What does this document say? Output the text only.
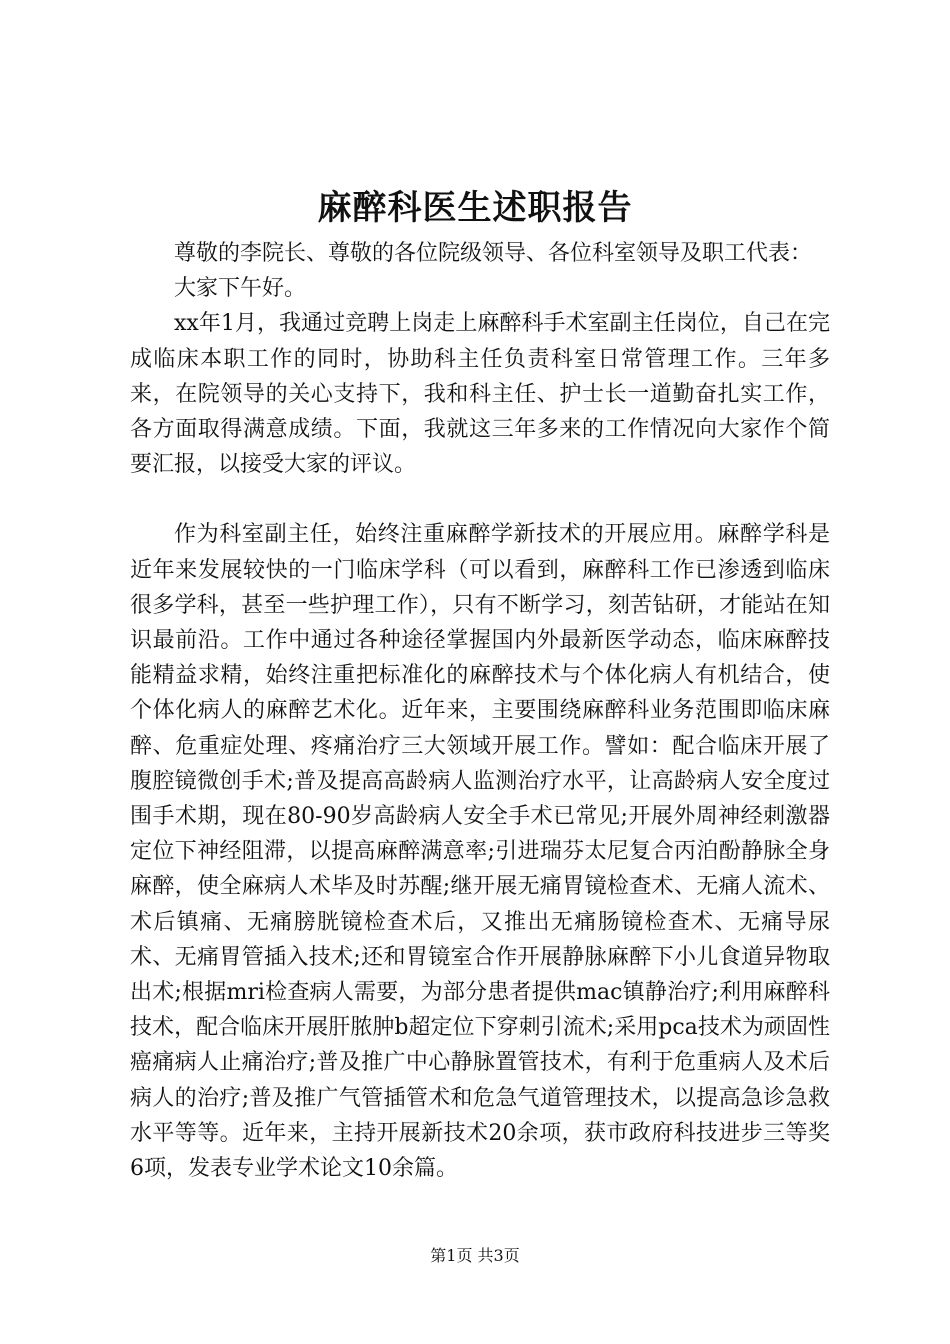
麻醉科医生述职报告

尊敬的李院长、尊敬的各位院级领导、各位科室领导及职工代表：

大家下午好。

xx年1月，我通过竞聘上岗走上麻醉科手术室副主任岗位，自己在完成临床本职工作的同时，协助科主任负责科室日常管理工作。三年多来，在院领导的关心支持下，我和科主任、护士长一道勤奋扎实工作，各方面取得满意成绩。下面，我就这三年多来的工作情况向大家作个简要汇报，以接受大家的评议。

作为科室副主任，始终注重麻醉学新技术的开展应用。麻醉学科是近年来发展较快的一门临床学科（可以看到，麻醉科工作已渗透到临床很多学科，甚至一些护理工作），只有不断学习，刻苦钻研，才能站在知识最前沿。工作中通过各种途径掌握国内外最新医学动态，临床麻醉技能精益求精，始终注重把标准化的麻醉技术与个体化病人有机结合，使个体化病人的麻醉艺术化。近年来，主要围绕麻醉科业务范围即临床麻醉、危重症处理、疼痛治疗三大领域开展工作。譬如：配合临床开展了腹腔镜微创手术;普及提高高龄病人监测治疗水平，让高龄病人安全度过围手术期，现在80-90岁高龄病人安全手术已常见;开展外周神经刺激器定位下神经阻滞，以提高麻醉满意率;引进瑞芬太尼复合丙泊酚静脉全身麻醉，使全麻病人术毕及时苏醒;继开展无痛胃镜检查术、无痛人流术、术后镇痛、无痛膀胱镜检查术后，又推出无痛肠镜检查术、无痛导尿术、无痛胃管插入技术;还和胃镜室合作开展静脉麻醉下小儿食道异物取出术;根据mri检查病人需要，为部分患者提供mac镇静治疗;利用麻醉科技术，配合临床开展肝脓肿b超定位下穿刺引流术;采用pca技术为顽固性癌痛病人止痛治疗;普及推广中心静脉置管技术，有利于危重病人及术后病人的治疗;普及推广气管插管术和危急气道管理技术，以提高急诊急救水平等等。近年来，主持开展新技术20余项，获市政府科技进步三等奖6项，发表专业学术论文10余篇。

第1页 共3页
